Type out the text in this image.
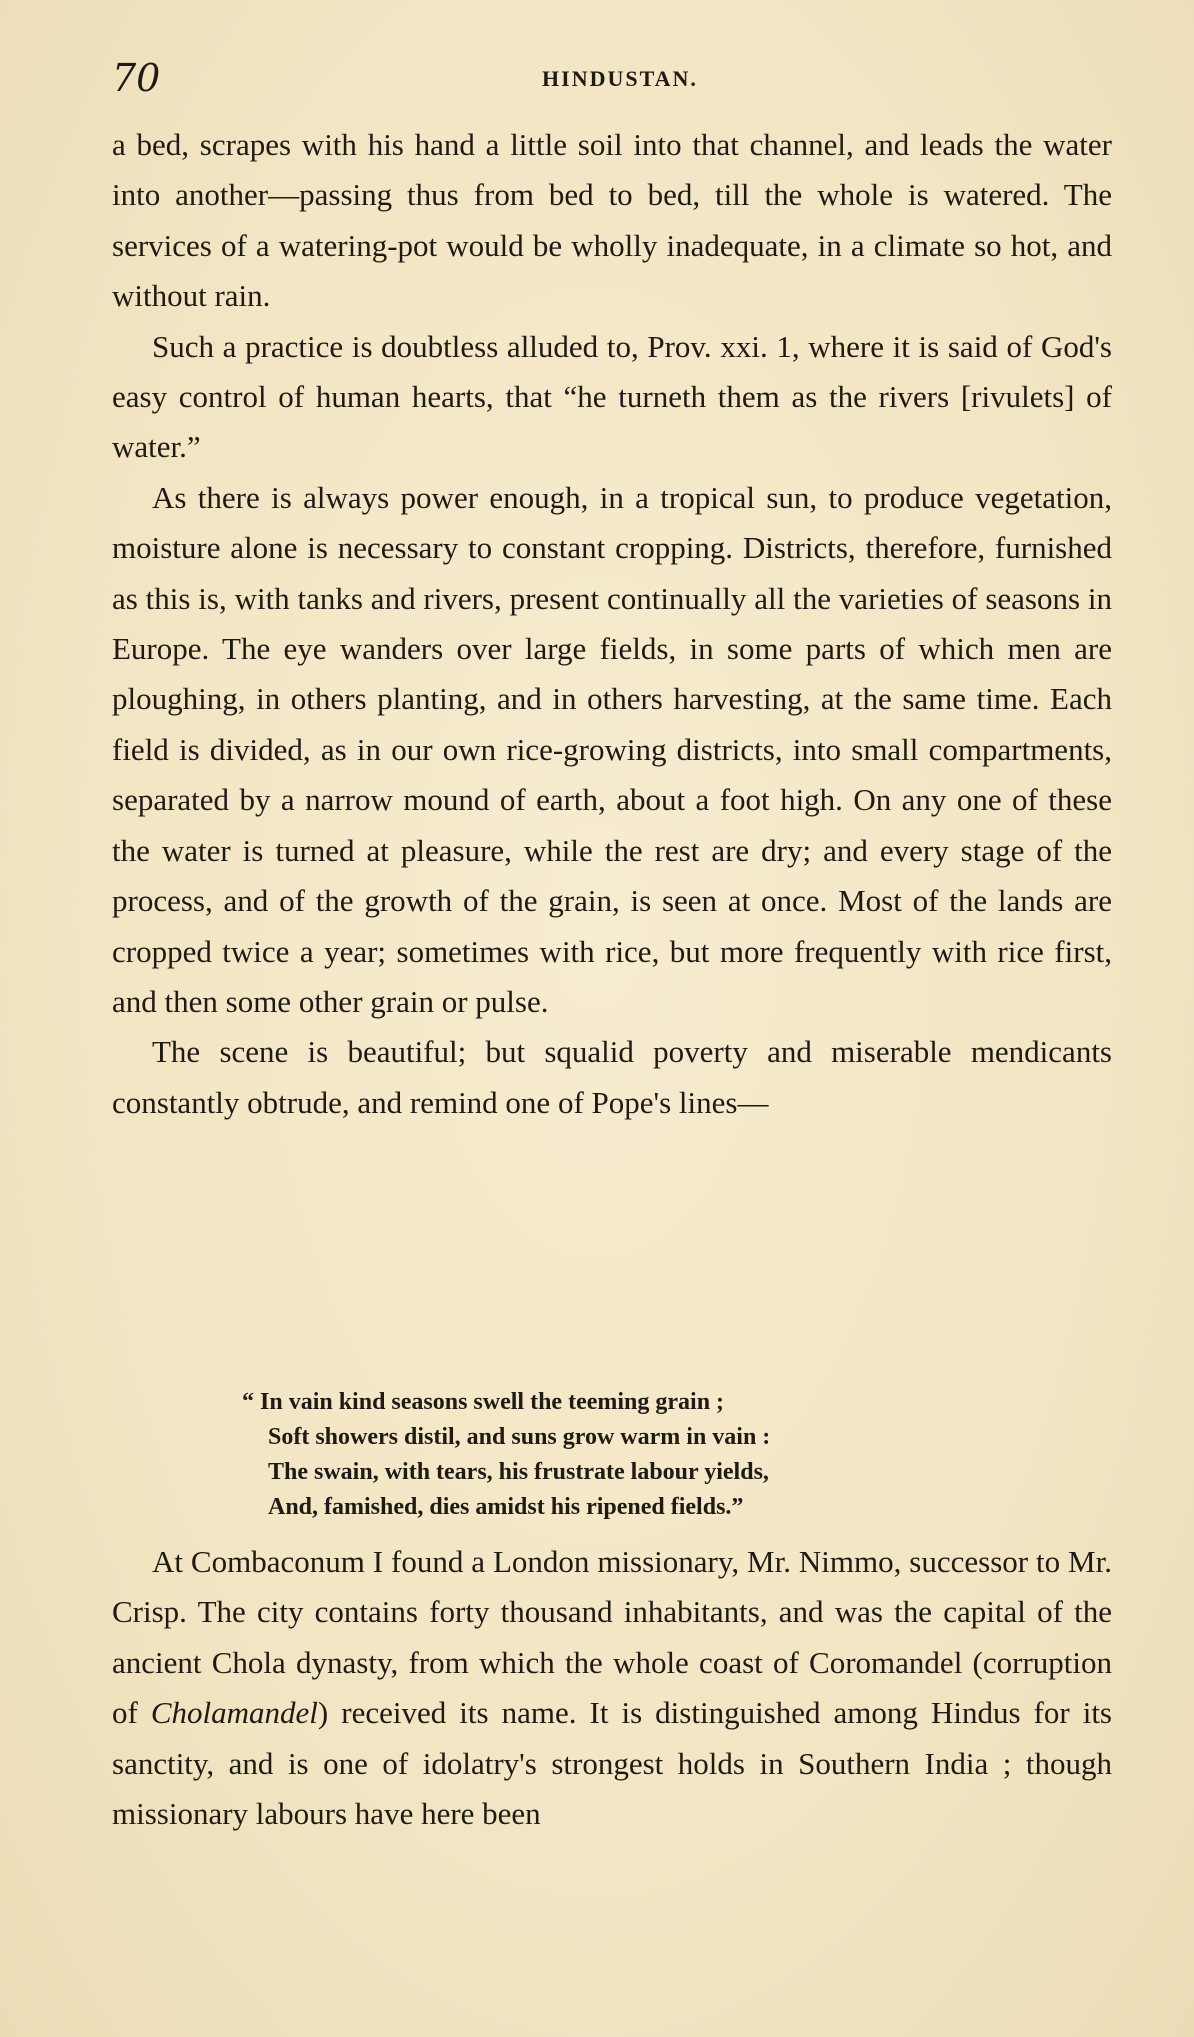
70	HINDUSTAN.

a bed, scrapes with his hand a little soil into that channel, and leads the water into another—passing thus from bed to bed, till the whole is watered. The services of a watering-pot would be wholly inadequate, in a climate so hot, and without rain.

Such a practice is doubtless alluded to, Prov. xxi. 1, where it is said of God's easy control of human hearts, that “he turneth them as the rivers [rivulets] of water.”

As there is always power enough, in a tropical sun, to produce vegetation, moisture alone is necessary to constant cropping. Districts, therefore, furnished as this is, with tanks and rivers, present continually all the varieties of seasons in Europe. The eye wanders over large fields, in some parts of which men are ploughing, in others planting, and in others harvesting, at the same time. Each field is divided, as in our own rice-growing districts, into small compartments, separated by a narrow mound of earth, about a foot high. On any one of these the water is turned at pleasure, while the rest are dry; and every stage of the process, and of the growth of the grain, is seen at once. Most of the lands are cropped twice a year; sometimes with rice, but more frequently with rice first, and then some other grain or pulse.

The scene is beautiful; but squalid poverty and miserable mendicants constantly obtrude, and remind one of Pope's lines—

“ In vain kind seasons swell the teeming grain ;
Soft showers distil, and suns grow warm in vain :
The swain, with tears, his frustrate labour yields,
And, famished, dies amidst his ripened fields.”

At Combaconum I found a London missionary, Mr. Nimmo, successor to Mr. Crisp. The city contains forty thousand inhabitants, and was the capital of the ancient Chola dynasty, from which the whole coast of Coromandel (corruption of Cholamandel) received its name. It is distinguished among Hindus for its sanctity, and is one of idolatry's strongest holds in Southern India ; though missionary labours have here been
